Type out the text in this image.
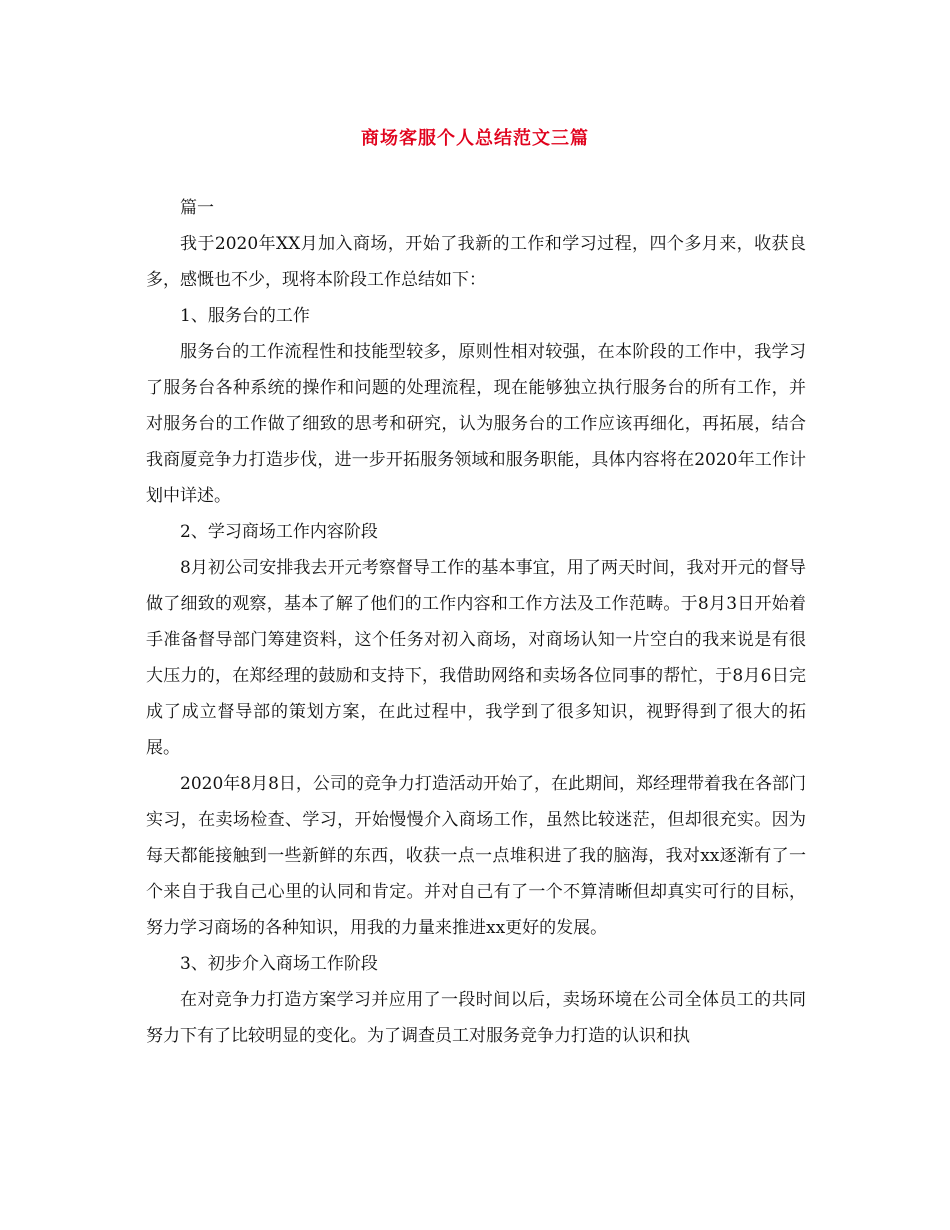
商场客服个人总结范文三篇

篇一

我于2020年XX月加入商场，开始了我新的工作和学习过程，四个多月来，收获良多，感慨也不少，现将本阶段工作总结如下：

1、服务台的工作

服务台的工作流程性和技能型较多，原则性相对较强，在本阶段的工作中，我学习了服务台各种系统的操作和问题的处理流程，现在能够独立执行服务台的所有工作，并对服务台的工作做了细致的思考和研究，认为服务台的工作应该再细化，再拓展，结合我商厦竞争力打造步伐，进一步开拓服务领域和服务职能，具体内容将在2020年工作计划中详述。

2、学习商场工作内容阶段

8月初公司安排我去开元考察督导工作的基本事宜，用了两天时间，我对开元的督导做了细致的观察，基本了解了他们的工作内容和工作方法及工作范畴。于8月3日开始着手准备督导部门筹建资料，这个任务对初入商场，对商场认知一片空白的我来说是有很大压力的，在郑经理的鼓励和支持下，我借助网络和卖场各位同事的帮忙，于8月6日完成了成立督导部的策划方案，在此过程中，我学到了很多知识，视野得到了很大的拓展。

2020年8月8日，公司的竞争力打造活动开始了，在此期间，郑经理带着我在各部门实习，在卖场检查、学习，开始慢慢介入商场工作，虽然比较迷茫，但却很充实。因为每天都能接触到一些新鲜的东西，收获一点一点堆积进了我的脑海，我对xx逐渐有了一个来自于我自己心里的认同和肯定。并对自己有了一个不算清晰但却真实可行的目标，努力学习商场的各种知识，用我的力量来推进xx更好的发展。

3、初步介入商场工作阶段

在对竞争力打造方案学习并应用了一段时间以后，卖场环境在公司全体员工的共同努力下有了比较明显的变化。为了调查员工对服务竞争力打造的认识和执
